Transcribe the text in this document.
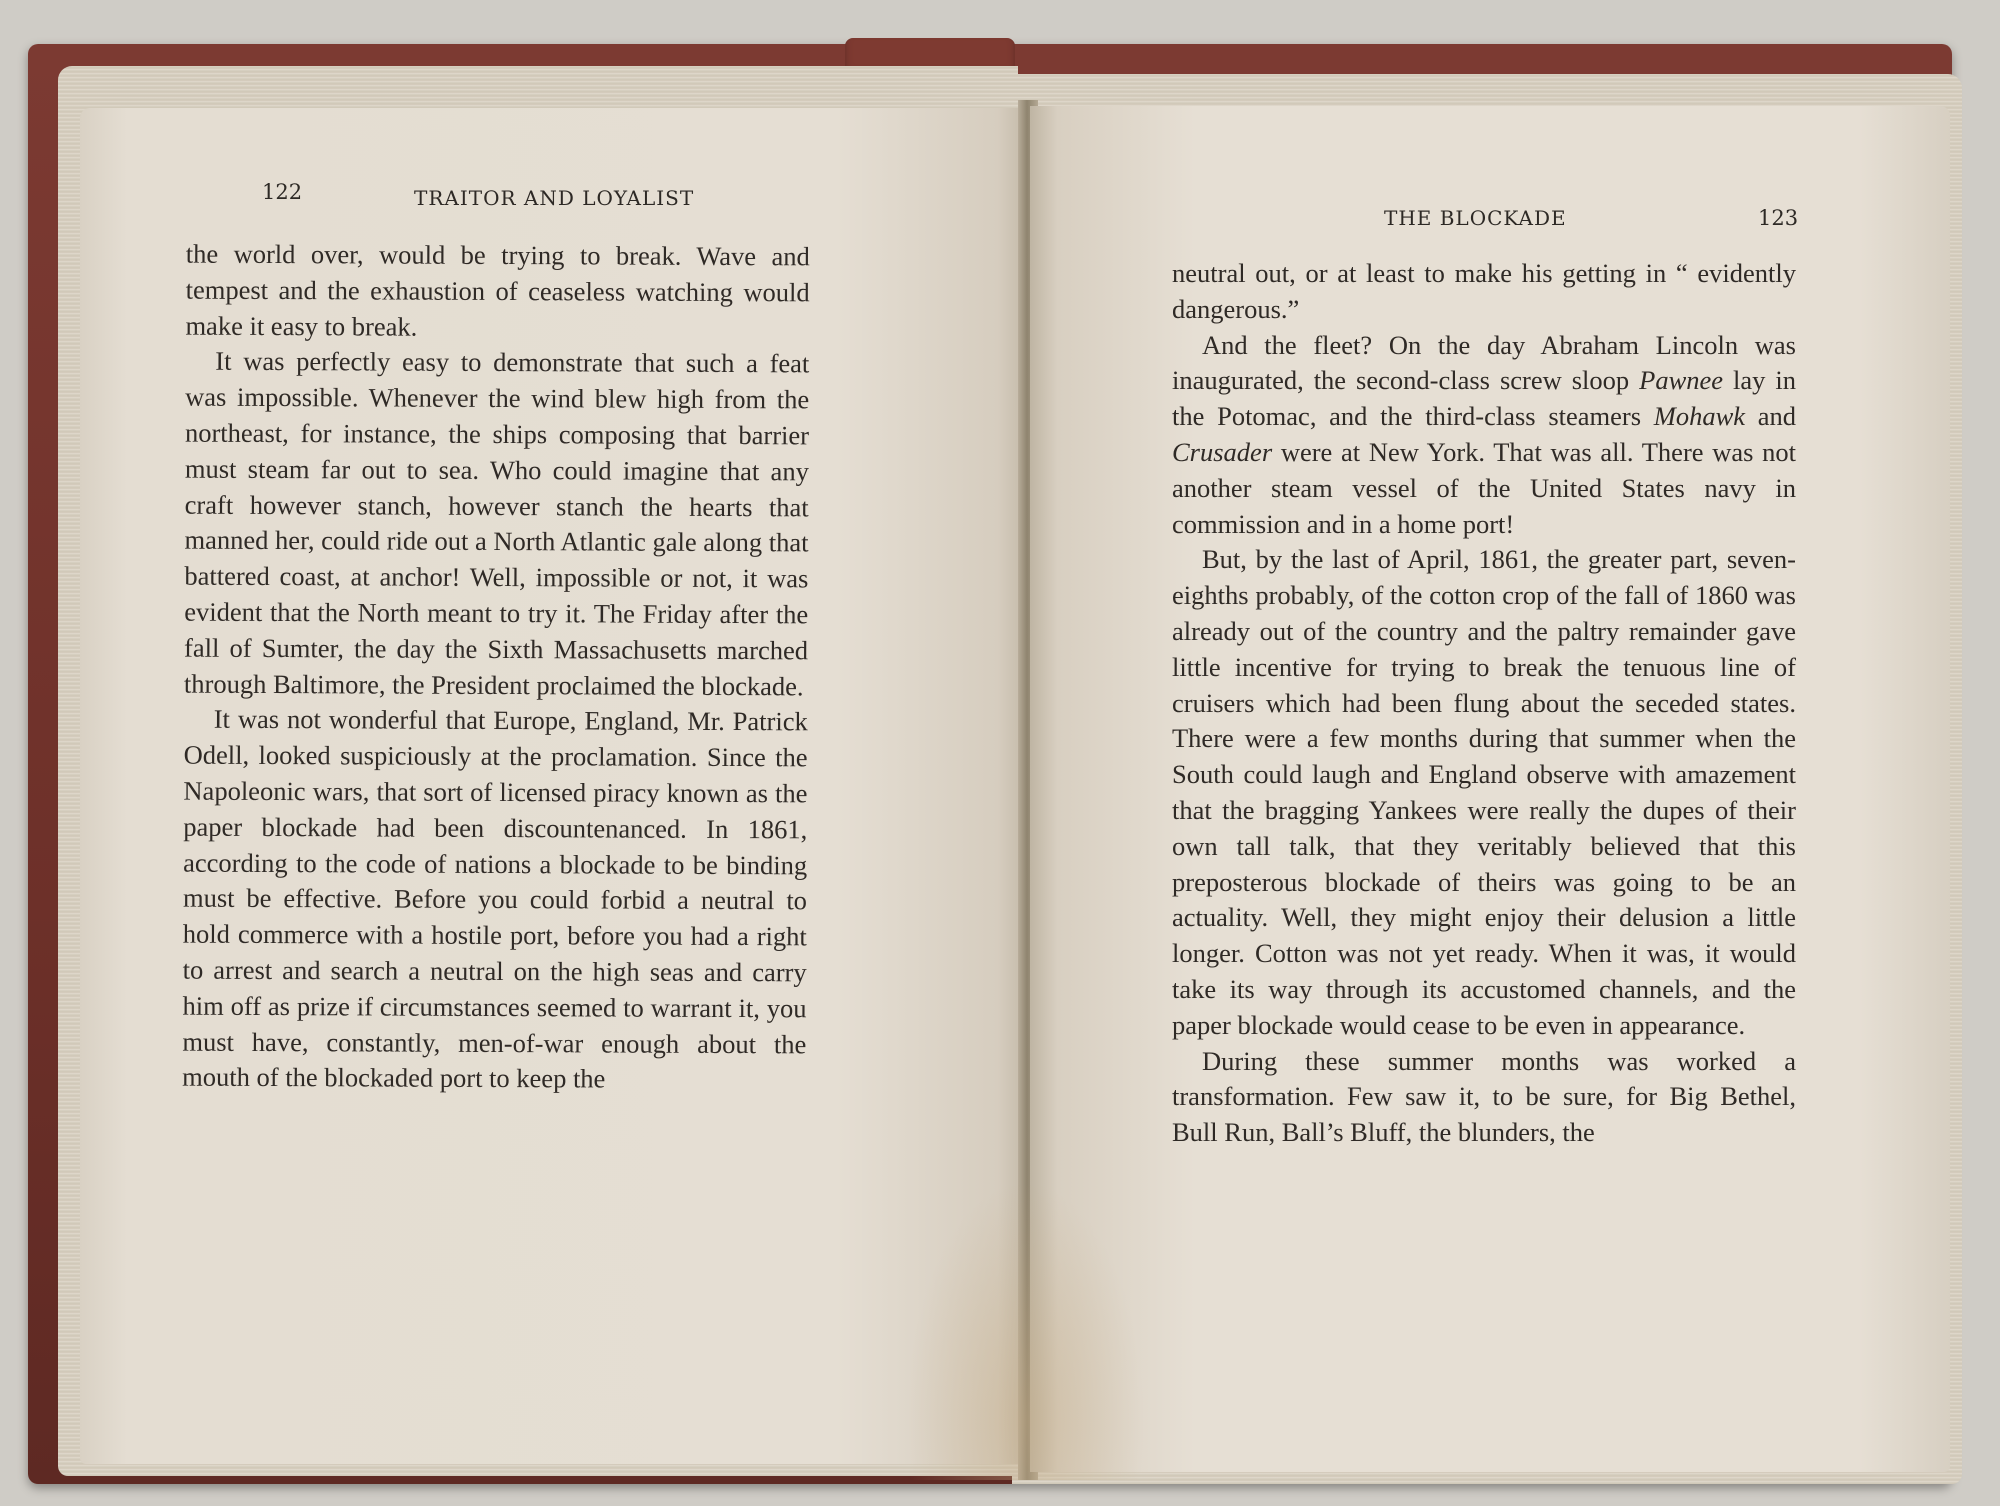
122	TRAITOR AND LOYALIST

the world over, would be trying to break. Wave and tempest and the exhaustion of ceaseless watching would make it easy to break.

It was perfectly easy to demonstrate that such a feat was impossible. Whenever the wind blew high from the northeast, for instance, the ships composing that barrier must steam far out to sea. Who could imagine that any craft however stanch, however stanch the hearts that manned her, could ride out a North Atlantic gale along that battered coast, at anchor! Well, impossible or not, it was evident that the North meant to try it. The Friday after the fall of Sumter, the day the Sixth Massachusetts marched through Baltimore, the President proclaimed the blockade.

It was not wonderful that Europe, England, Mr. Patrick Odell, looked suspiciously at the proclamation. Since the Napoleonic wars, that sort of licensed piracy known as the paper blockade had been discountenanced. In 1861, according to the code of nations a blockade to be binding must be effective. Before you could forbid a neutral to hold commerce with a hostile port, before you had a right to arrest and search a neutral on the high seas and carry him off as prize if circumstances seemed to warrant it, you must have, constantly, men-of-war enough about the mouth of the blockaded port to keep the

THE BLOCKADE	123

neutral out, or at least to make his getting in “ evidently dangerous.”

And the fleet? On the day Abraham Lincoln was inaugurated, the second-class screw sloop Pawnee lay in the Potomac, and the third-class steamers Mohawk and Crusader were at New York. That was all. There was not another steam vessel of the United States navy in commission and in a home port!

But, by the last of April, 1861, the greater part, seven-eighths probably, of the cotton crop of the fall of 1860 was already out of the country and the paltry remainder gave little incentive for trying to break the tenuous line of cruisers which had been flung about the seceded states. There were a few months during that summer when the South could laugh and England observe with amazement that the bragging Yankees were really the dupes of their own tall talk, that they veritably believed that this preposterous blockade of theirs was going to be an actuality. Well, they might enjoy their delusion a little longer. Cotton was not yet ready. When it was, it would take its way through its accustomed channels, and the paper blockade would cease to be even in appearance.

During these summer months was worked a transformation. Few saw it, to be sure, for Big Bethel, Bull Run, Ball’s Bluff, the blunders, the
